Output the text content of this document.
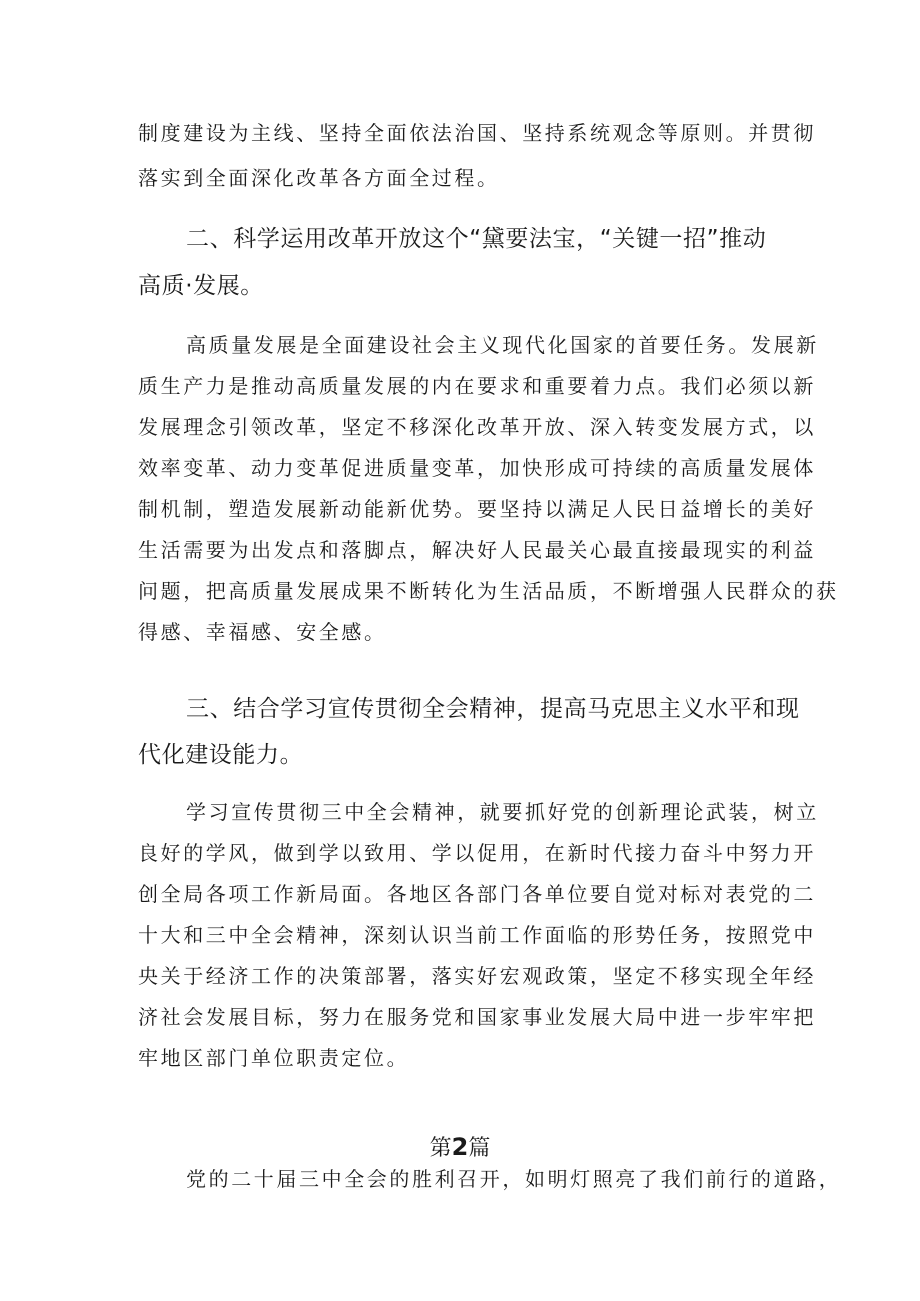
制度建设为主线、坚持全面依法治国、坚持系统观念等原则。并贯彻
落实到全面深化改革各方面全过程。
二、科学运用改革开放这个“黛要法宝，“关键一招”推动
高质·发展。
高质量发展是全面建设社会主义现代化国家的首要任务。发展新
质生产力是推动高质量发展的内在要求和重要着力点。我们必须以新
发展理念引领改革，坚定不移深化改革开放、深入转变发展方式，以
效率变革、动力变革促进质量变革，加快形成可持续的高质量发展体
制机制，塑造发展新动能新优势。要坚持以满足人民日益增长的美好
生活需要为出发点和落脚点，解决好人民最关心最直接最现实的利益
问题，把高质量发展成果不断转化为生活品质，不断增强人民群众的获
得感、幸福感、安全感。
三、结合学习宣传贯彻全会精神，提高马克思主义水平和现
代化建设能力。
学习宣传贯彻三中全会精神，就要抓好党的创新理论武装，树立
良好的学风，做到学以致用、学以促用，在新时代接力奋斗中努力开
创全局各项工作新局面。各地区各部门各单位要自觉对标对表党的二
十大和三中全会精神，深刻认识当前工作面临的形势任务，按照党中
央关于经济工作的决策部署，落实好宏观政策，坚定不移实现全年经
济社会发展目标，努力在服务党和国家事业发展大局中进一步牢牢把
牢地区部门单位职责定位。
第2篇
党的二十届三中全会的胜利召开，如明灯照亮了我们前行的道路，
